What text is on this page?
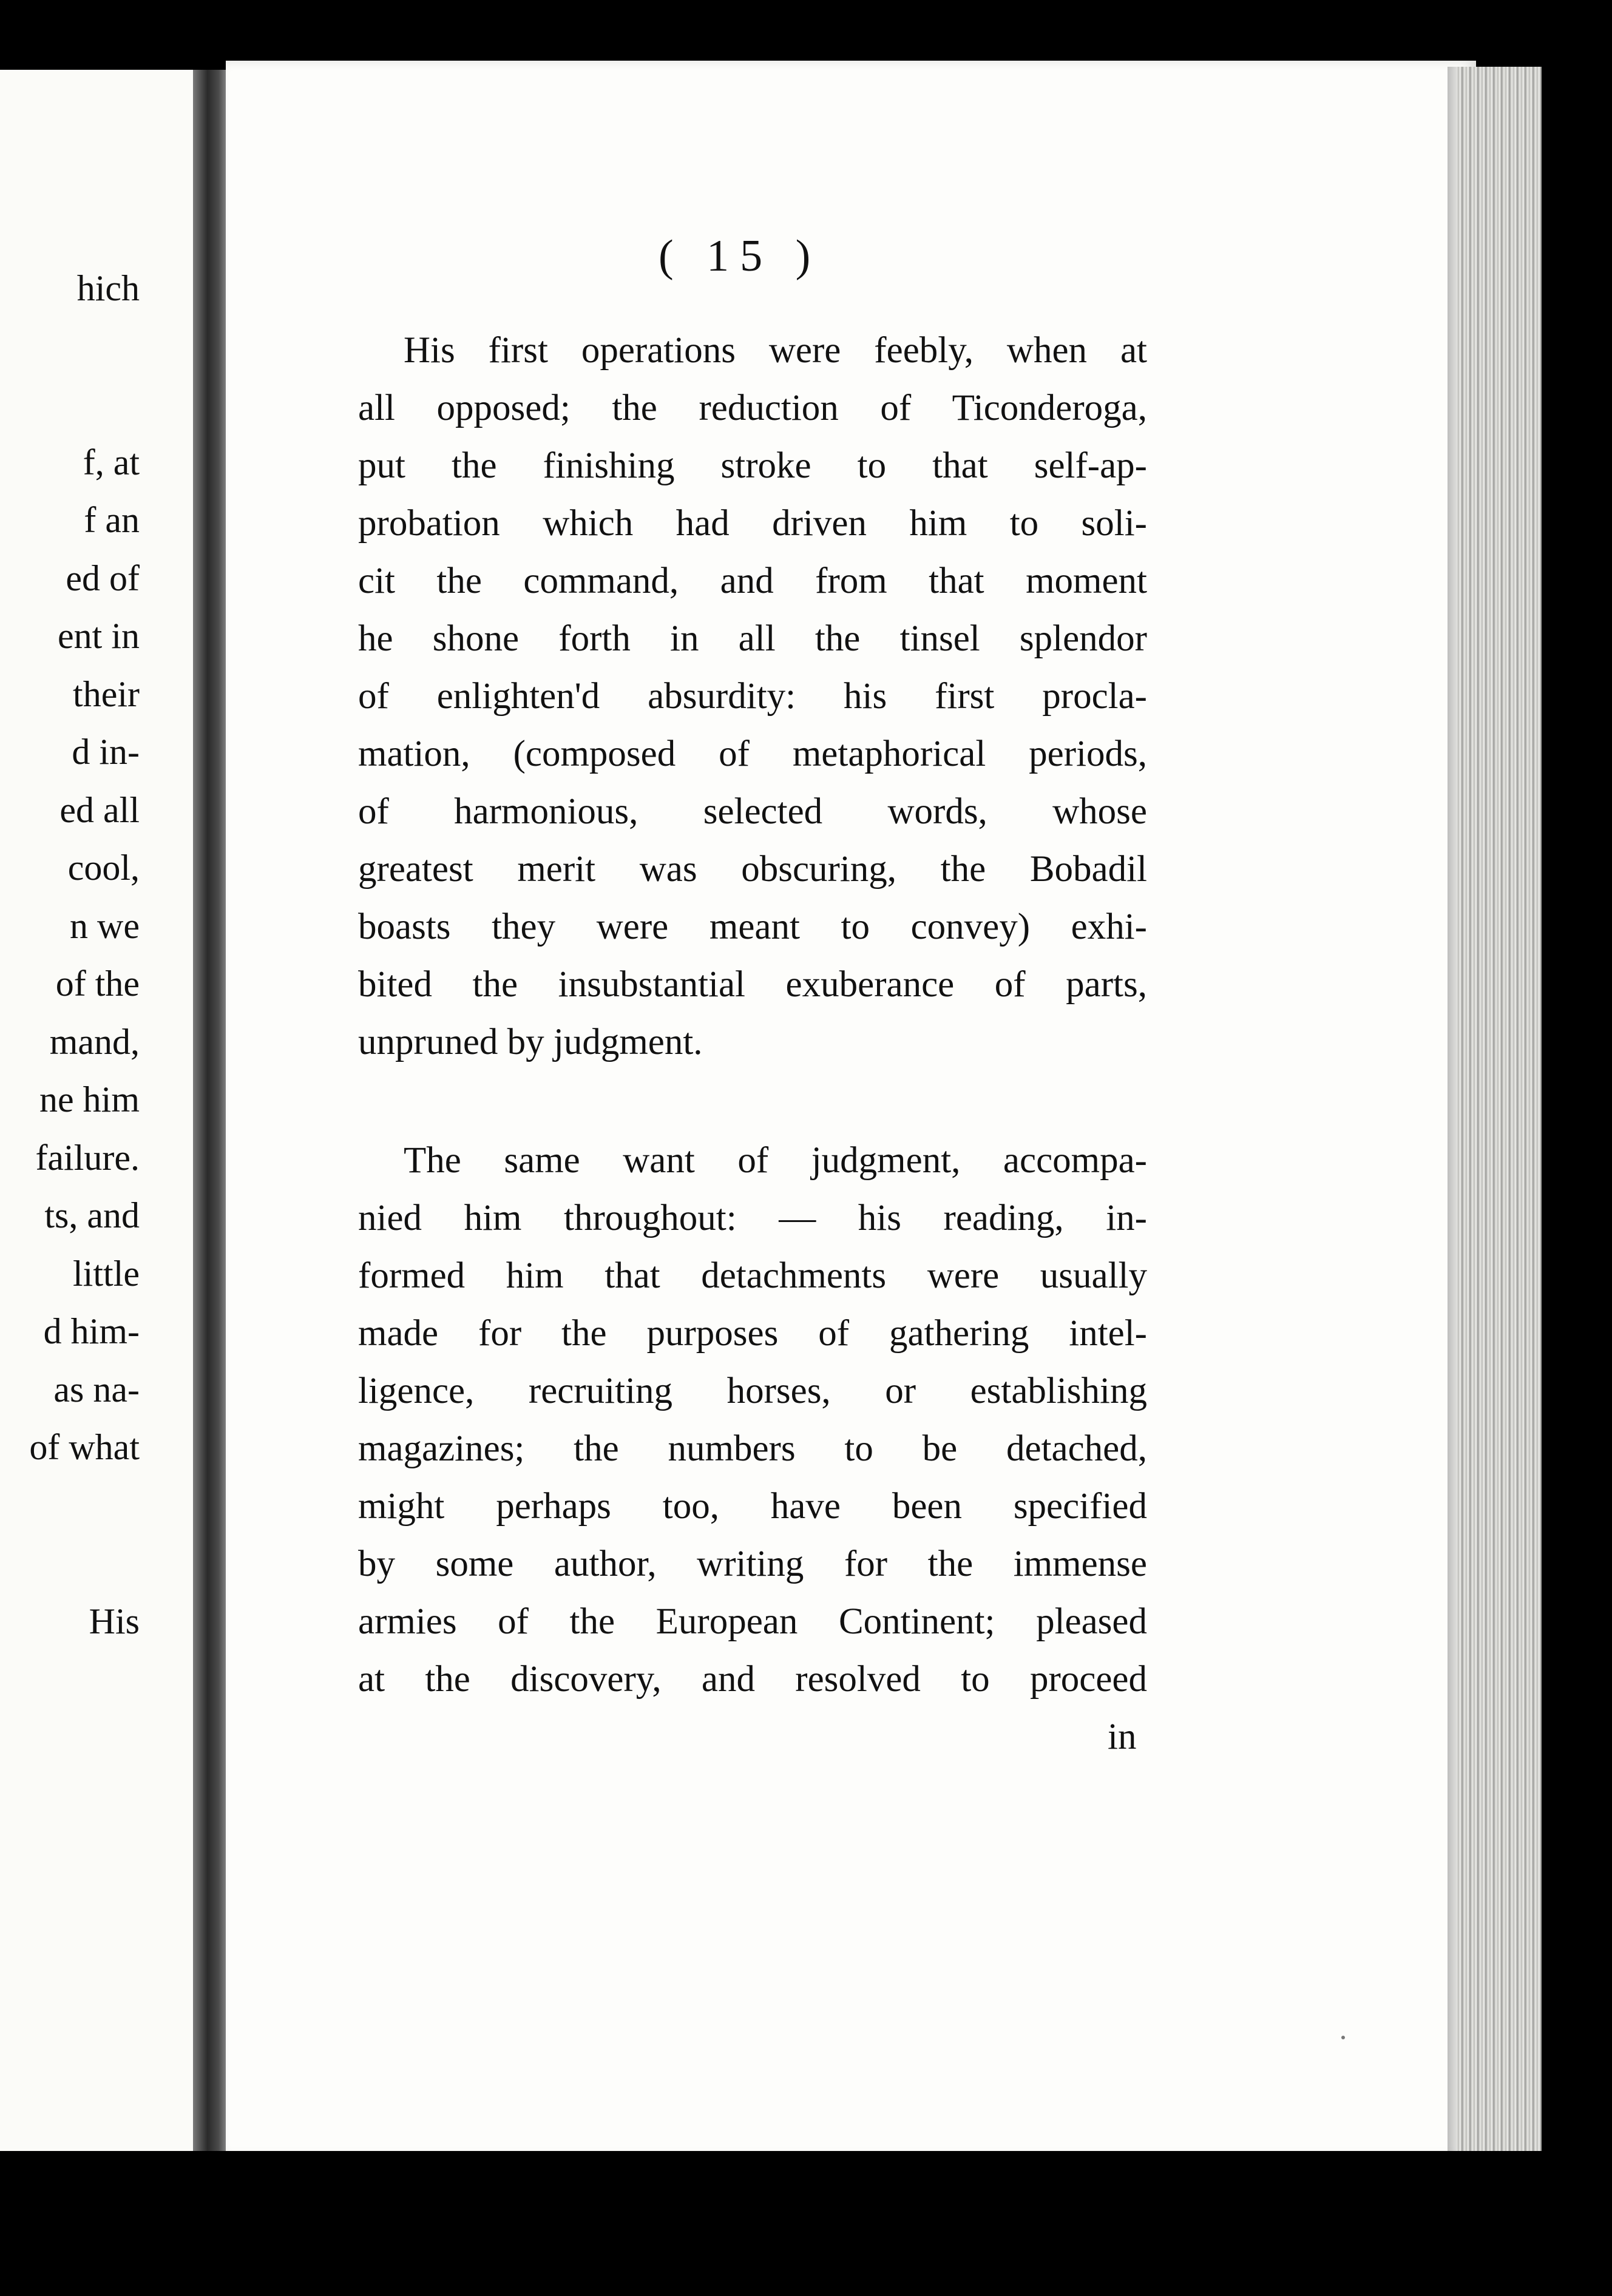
hich
f, at
f an
ed of
ent in
their
d in-
ed all
cool,
n we
of the
mand,
ne him
failure.
ts, and
little
d him-
as na-
of what
His
( 15 )
His first operations were feebly, when at
all opposed; the reduction of Ticonderoga,
put the finishing stroke to that self-ap-
probation which had driven him to soli-
cit the command, and from that moment
he shone forth in all the tinsel splendor
of enlighten'd absurdity: his first procla-
mation, (composed of metaphorical periods,
of harmonious, selected words, whose
greatest merit was obscuring, the Bobadil
boasts they were meant to convey) exhi-
bited the insubstantial exuberance of parts,
unpruned by judgment.
The same want of judgment, accompa-
nied him throughout: — his reading, in-
formed him that detachments were usually
made for the purposes of gathering intel-
ligence, recruiting horses, or establishing
magazines; the numbers to be detached,
might perhaps too, have been specified
by some author, writing for the immense
armies of the European Continent; pleased
at the discovery, and resolved to proceed
in
